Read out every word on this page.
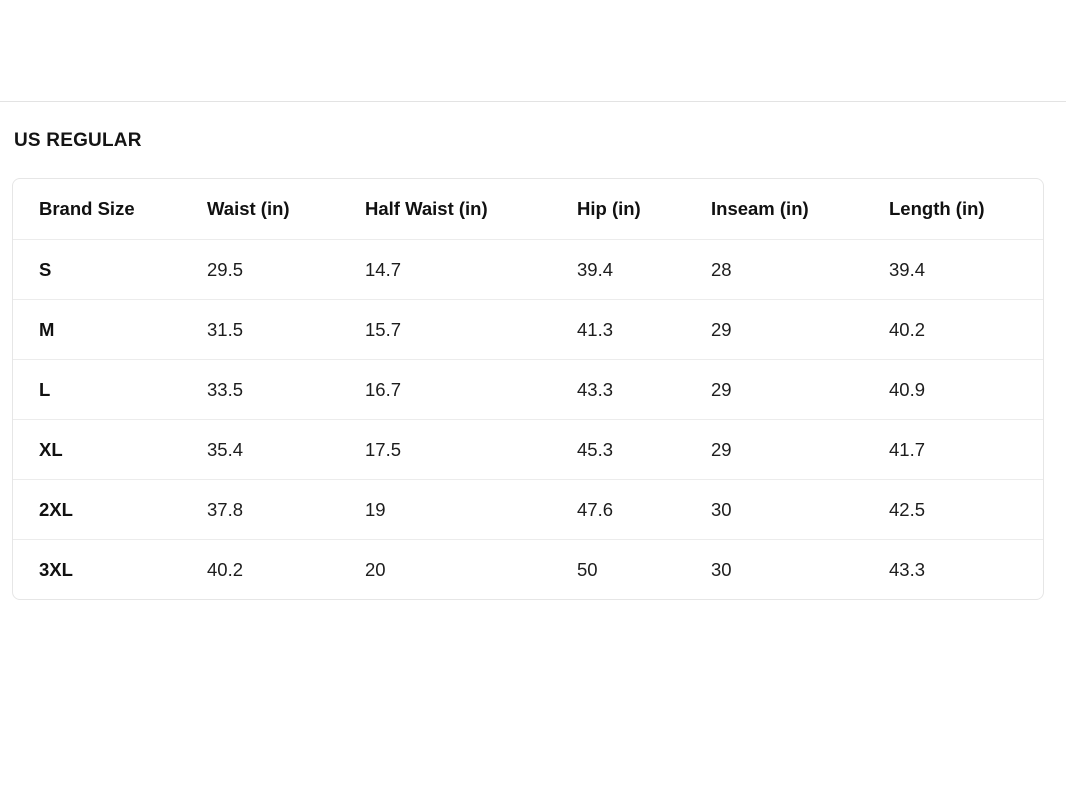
US REGULAR
Brand Size	Waist (in)	Half Waist (in)	Hip (in)	Inseam (in)	Length (in)
S	29.5	14.7	39.4	28	39.4
M	31.5	15.7	41.3	29	40.2
L	33.5	16.7	43.3	29	40.9
XL	35.4	17.5	45.3	29	41.7
2XL	37.8	19	47.6	30	42.5
3XL	40.2	20	50	30	43.3
